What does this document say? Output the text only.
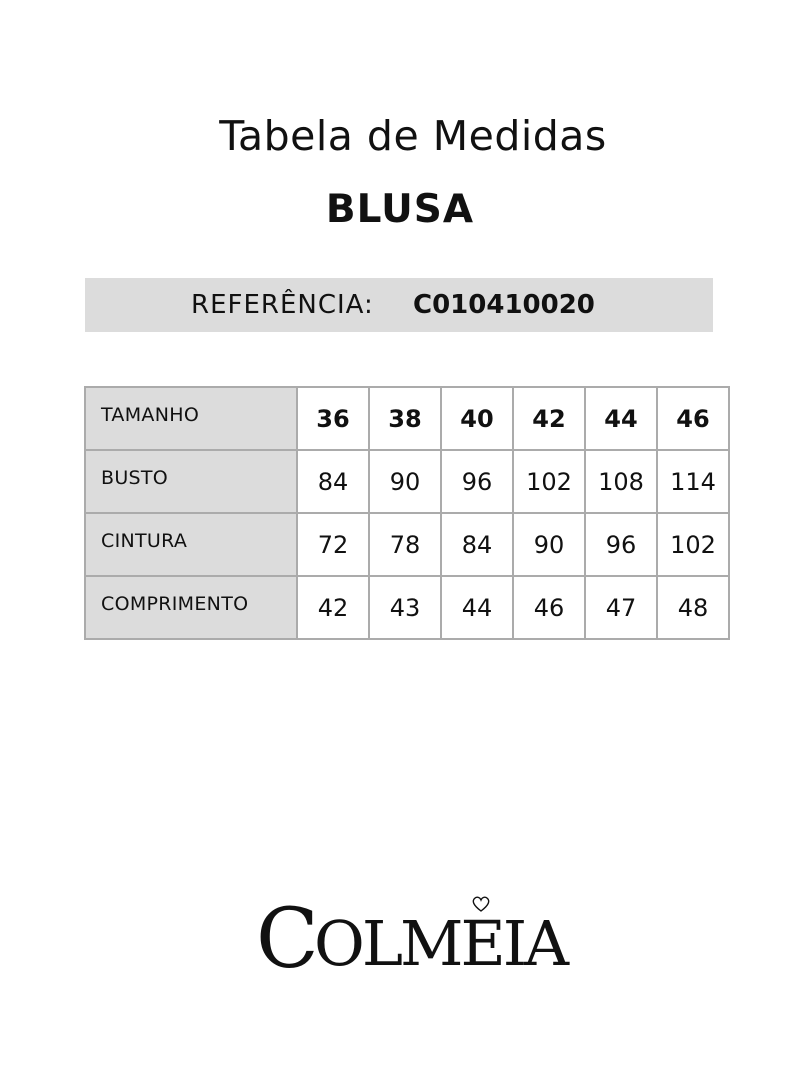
Tabela de Medidas
BLUSA
REFERÊNCIA: C010410020
TAMANHO	36	38	40	42	44	46
BUSTO	84	90	96	102	108	114
CINTURA	72	78	84	90	96	102
COMPRIMENTO	42	43	44	46	47	48
C
OLMEIA
